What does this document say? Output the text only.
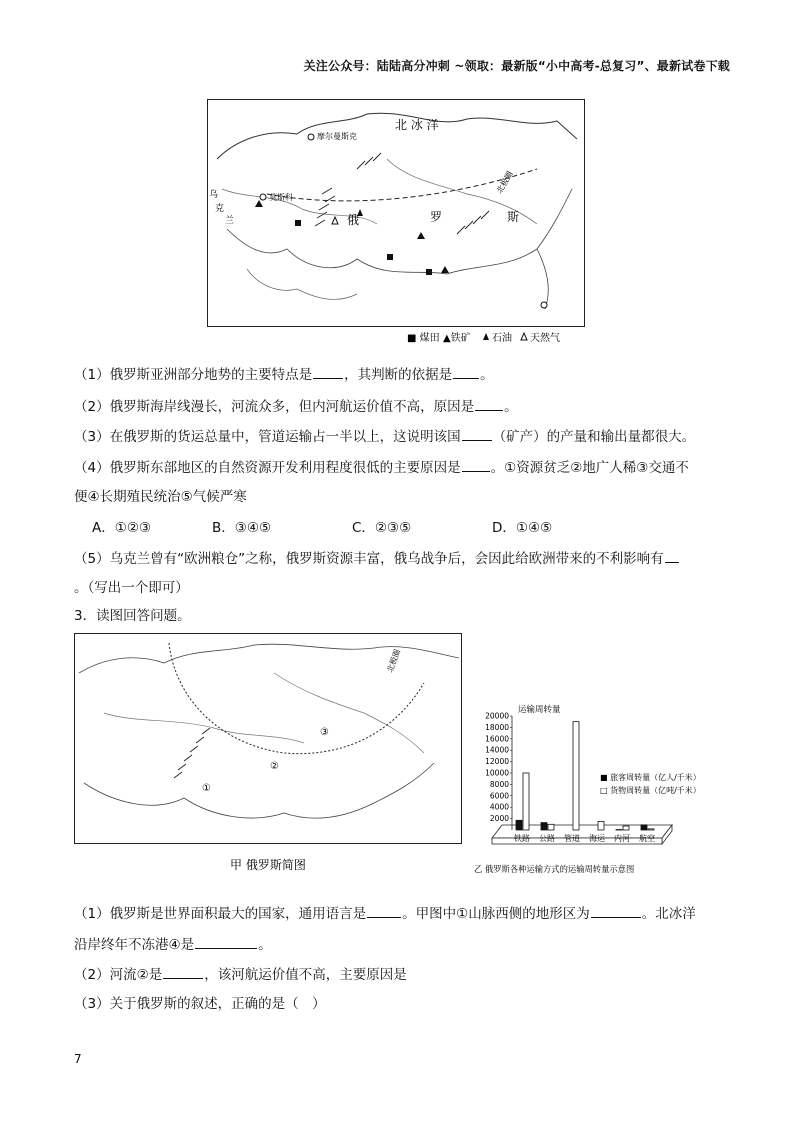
关注公众号：陆陆高分冲刺 ~领取：最新版“小中高考-总复习”、最新试卷下载
北 冰 洋
摩尔曼斯克
莫斯科
北极圈
乌
克
兰	俄	罗	斯
■ 煤田 ▲铁矿 石油 天然气
（1）俄罗斯亚洲部分地势的主要特点是 ，其判断的依据是 。
（2）俄罗斯海岸线漫长，河流众多，但内河航运价值不高，原因是 。
（3）在俄罗斯的货运总量中，管道运输占一半以上，这说明该国 （矿产）的产量和输出量都很大。
（4）俄罗斯东部地区的自然资源开发利用程度很低的主要原因是 。①资源贫乏②地广人稀③交通不
便④长期殖民统治⑤气候严寒
A．①②③	B．③④⑤	C．②③⑤	D．①④⑤
（5）乌克兰曾有“欧洲粮仓”之称，俄罗斯资源丰富，俄乌战争后，会因此给欧洲带来的不利影响有
。（写出一个即可）
3．读图回答问题。
①
②
③
北极圈
甲 俄罗斯简图
运输周转量
20000
18000
16000
14000
12000
10000
8000
6000
4000
2000
铁路 公路 管道 海运 内河 航空
■ 旅客周转量（亿人/千米）
□ 货物周转量（亿吨/千米）
乙 俄罗斯各种运输方式的运输周转量示意图
（1）俄罗斯是世界面积最大的国家，通用语言是	。甲图中①山脉西侧的地形区为	。北冰洋
沿岸终年不冻港④是	。
（2）河流②是	，该河航运价值不高，主要原因是
（3）关于俄罗斯的叙述，正确的是（　）
7
